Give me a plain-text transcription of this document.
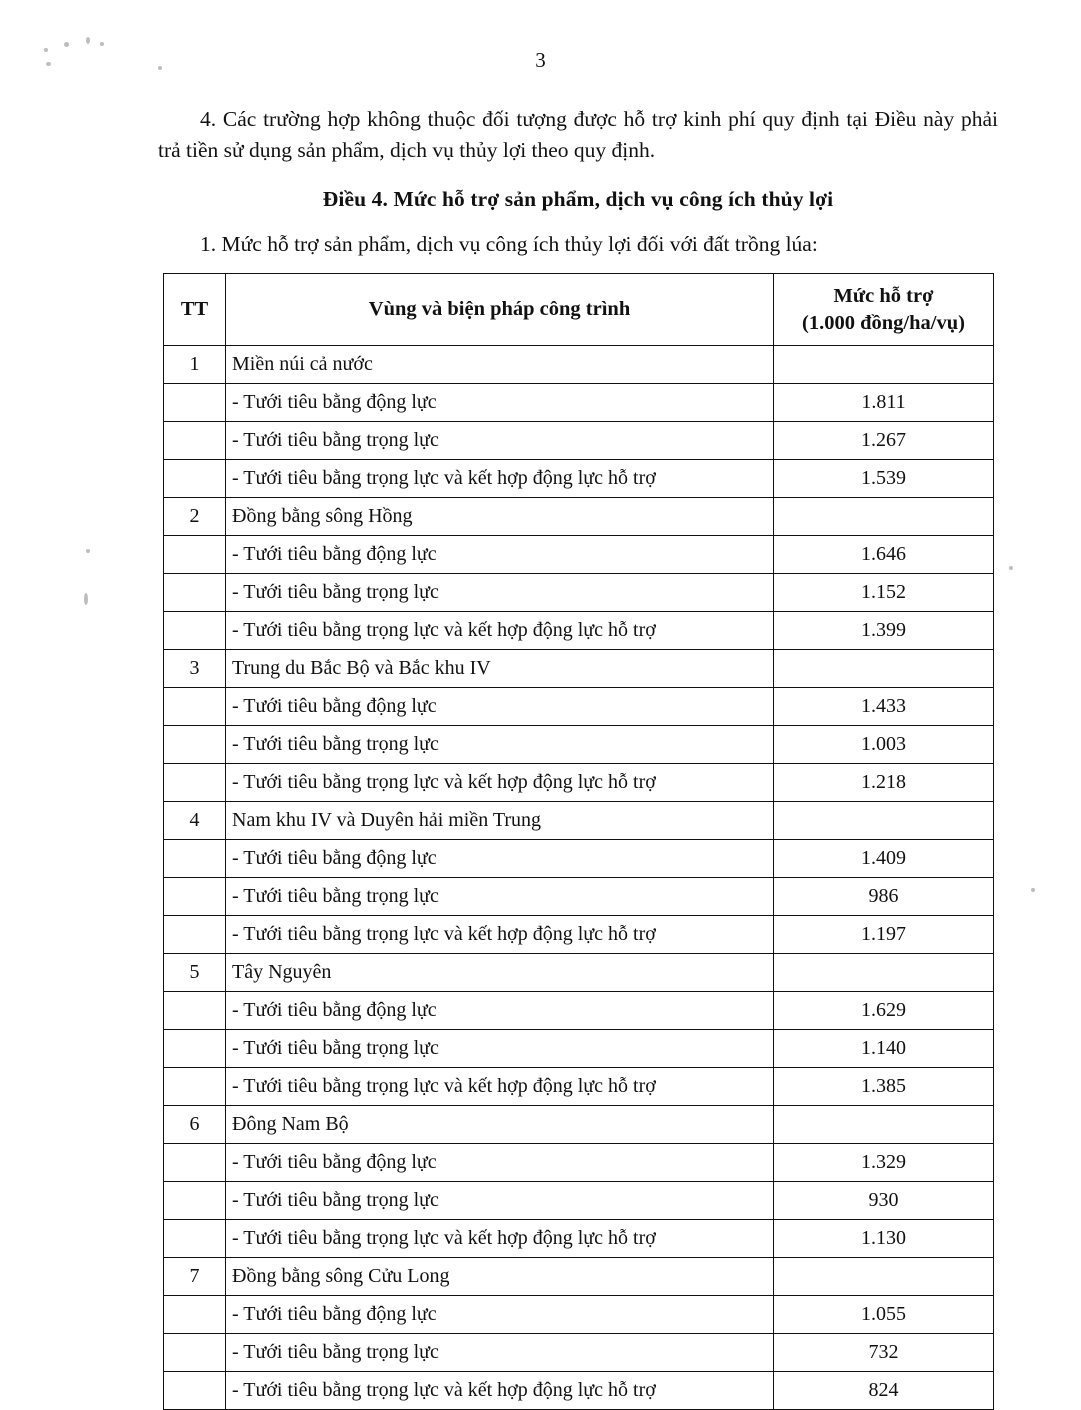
3

4. Các trường hợp không thuộc đối tượng được hỗ trợ kinh phí quy định tại Điều này phải trả tiền sử dụng sản phẩm, dịch vụ thủy lợi theo quy định.

Điều 4. Mức hỗ trợ sản phẩm, dịch vụ công ích thủy lợi

1. Mức hỗ trợ sản phẩm, dịch vụ công ích thủy lợi đối với đất trồng lúa:

TT	Vùng và biện pháp công trình	Mức hỗ trợ
(1.000 đồng/ha/vụ)

1	Miền núi cả nước	
	- Tưới tiêu bằng động lực	1.811
	- Tưới tiêu bằng trọng lực	1.267
	- Tưới tiêu bằng trọng lực và kết hợp động lực hỗ trợ	1.539
2	Đồng bằng sông Hồng	
	- Tưới tiêu bằng động lực	1.646
	- Tưới tiêu bằng trọng lực	1.152
	- Tưới tiêu bằng trọng lực và kết hợp động lực hỗ trợ	1.399
3	Trung du Bắc Bộ và Bắc khu IV	
	- Tưới tiêu bằng động lực	1.433
	- Tưới tiêu bằng trọng lực	1.003
	- Tưới tiêu bằng trọng lực và kết hợp động lực hỗ trợ	1.218
4	Nam khu IV và Duyên hải miền Trung	
	- Tưới tiêu bằng động lực	1.409
	- Tưới tiêu bằng trọng lực	986
	- Tưới tiêu bằng trọng lực và kết hợp động lực hỗ trợ	1.197
5	Tây Nguyên	
	- Tưới tiêu bằng động lực	1.629
	- Tưới tiêu bằng trọng lực	1.140
	- Tưới tiêu bằng trọng lực và kết hợp động lực hỗ trợ	1.385
6	Đông Nam Bộ	
	- Tưới tiêu bằng động lực	1.329
	- Tưới tiêu bằng trọng lực	930
	- Tưới tiêu bằng trọng lực và kết hợp động lực hỗ trợ	1.130
7	Đồng bằng sông Cửu Long	
	- Tưới tiêu bằng động lực	1.055
	- Tưới tiêu bằng trọng lực	732
	- Tưới tiêu bằng trọng lực và kết hợp động lực hỗ trợ	824
